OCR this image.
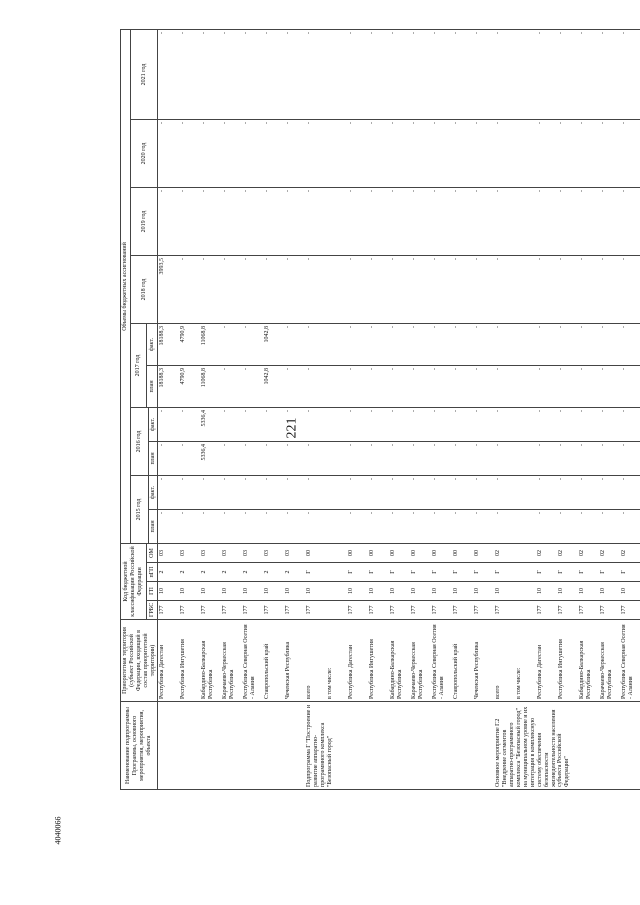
221
4040066
Наименование подпрограммы Программы, основного мероприятия, мероприятия, объекта	Приоритетная территория (субъект Российской Федерации, входящий в состав приоритетной территории)	Код бюджетной классификации Российской Федерации				Объемы бюджетных ассигнований									
						2015 год		2016 год		2017 год		2018 год	2019 год	2020 год	2021 год
		ГРБС	ГП	пГП	ОМ					план	факт.				
						план	факт.	план	факт.						
	Республика Дагестан	177	10	2	03	-	-	-	-	18188,3	18188,3	3993,5	-	-	-
	Республика Ингушетия	177	10	2	03	-	-	-	-	4790,9	4790,9	-	-	-	-
	Кабардино-Балкарская Республика	177	10	2	03	-	-	5336,4	5336,4	11068,8	11068,8	-	-	-	-
	Карачаево-Черкесская Республика	177	10	2	03	-	-	-	-	-	-	-	-	-	-
	Республика Северная Осетия - Алания	177	10	2	03	-	-	-	-	-	-	-	-	-	-
	Ставропольский край	177	10	2	03	-	-	-	-	1042,8	1042,8	-	-	-	-
	Чеченская Республика	177	10	2	03	-	-	-	-	-	-	-	-	-	-
Подпрограмма Г "Построение и развитие аппаратно-программного комплекса "Безопасный город"	всего	177	10	Г	00	-	-	-	-	-	-	-	-	-	-
	в том числе:														
	Республика Дагестан	177	10	Г	00	-	-	-	-	-	-	-	-	-	-
	Республика Ингушетия	177	10	Г	00	-	-	-	-	-	-	-	-	-	-
	Кабардино-Балкарская Республика	177	10	Г	00	-	-	-	-	-	-	-	-	-	-
	Карачаево-Черкесская Республика	177	10	Г	00	-	-	-	-	-	-	-	-	-	-
	Республика Северная Осетия - Алания	177	10	Г	00	-	-	-	-	-	-	-	-	-	-
	Ставропольский край	177	10	Г	00	-	-	-	-	-	-	-	-	-	-
	Чеченская Республика	177	10	Г	00	-	-	-	-	-	-	-	-	-	-
Основное мероприятие Г.2 "Внедрение сегментов аппаратно-программного комплекса "Безопасный город" на муниципальном уровне и их интеграция в комплексную систему обеспечения безопасности жизнедеятельности населения субъекта Российской Федерации"	всего	177	10	Г	02	-	-	-	-	-	-	-	-	-	-
	в том числе:														
	Республика Дагестан	177	10	Г	02	-	-	-	-	-	-	-	-	-	-
	Республика Ингушетия	177	10	Г	02	-	-	-	-	-	-	-	-	-	-
	Кабардино-Балкарская Республика	177	10	Г	02	-	-	-	-	-	-	-	-	-	-
	Карачаево-Черкесская Республика	177	10	Г	02	-	-	-	-	-	-	-	-	-	-
	Республика Северная Осетия - Алания	177	10	Г	02	-	-	-	-	-	-	-	-	-	-
